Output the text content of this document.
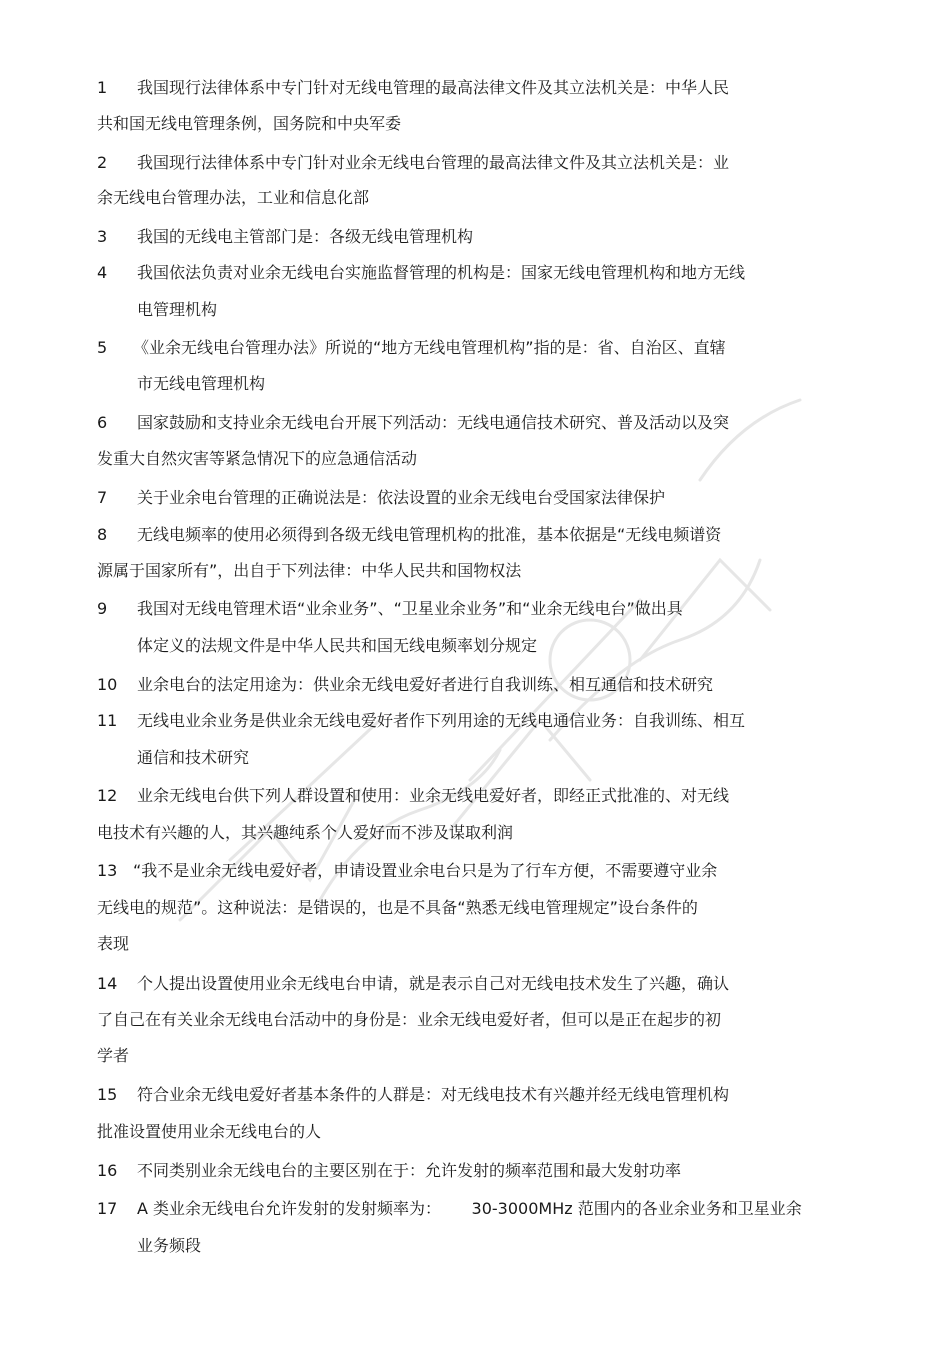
1 我国现行法律体系中专门针对无线电管理的最高法律文件及其立法机关是：中华人民
共和国无线电管理条例，国务院和中央军委
2 我国现行法律体系中专门针对业余无线电台管理的最高法律文件及其立法机关是：业
余无线电台管理办法，工业和信息化部
3 我国的无线电主管部门是：各级无线电管理机构
4 我国依法负责对业余无线电台实施监督管理的机构是：国家无线电管理机构和地方无线
电管理机构
5 《业余无线电台管理办法》所说的“地方无线电管理机构”指的是：省、自治区、直辖
市无线电管理机构
6 国家鼓励和支持业余无线电台开展下列活动：无线电通信技术研究、普及活动以及突
发重大自然灾害等紧急情况下的应急通信活动
7 关于业余电台管理的正确说法是：依法设置的业余无线电台受国家法律保护
8 无线电频率的使用必须得到各级无线电管理机构的批准，基本依据是“无线电频谱资
源属于国家所有”，出自于下列法律：中华人民共和国物权法
9 我国对无线电管理术语“业余业务”、“卫星业余业务”和“业余无线电台”做出具
体定义的法规文件是中华人民共和国无线电频率划分规定
10 业余电台的法定用途为：供业余无线电爱好者进行自我训练、相互通信和技术研究
11 无线电业余业务是供业余无线电爱好者作下列用途的无线电通信业务：自我训练、相互
通信和技术研究
12 业余无线电台供下列人群设置和使用：业余无线电爱好者，即经正式批准的、对无线
电技术有兴趣的人，其兴趣纯系个人爱好而不涉及谋取利润
13 “我不是业余无线电爱好者，申请设置业余电台只是为了行车方便，不需要遵守业余
无线电的规范”。这种说法：是错误的，也是不具备“熟悉无线电管理规定”设台条件的
表现
14 个人提出设置使用业余无线电台申请，就是表示自己对无线电技术发生了兴趣，确认
了自己在有关业余无线电台活动中的身份是：业余无线电爱好者，但可以是正在起步的初
学者
15 符合业余无线电爱好者基本条件的人群是：对无线电技术有兴趣并经无线电管理机构
批准设置使用业余无线电台的人
16 不同类别业余无线电台的主要区别在于：允许发射的频率范围和最大发射功率
17 A 类业余无线电台允许发射的发射频率为：      30-3000MHz 范围内的各业余业务和卫星业余
业务频段
